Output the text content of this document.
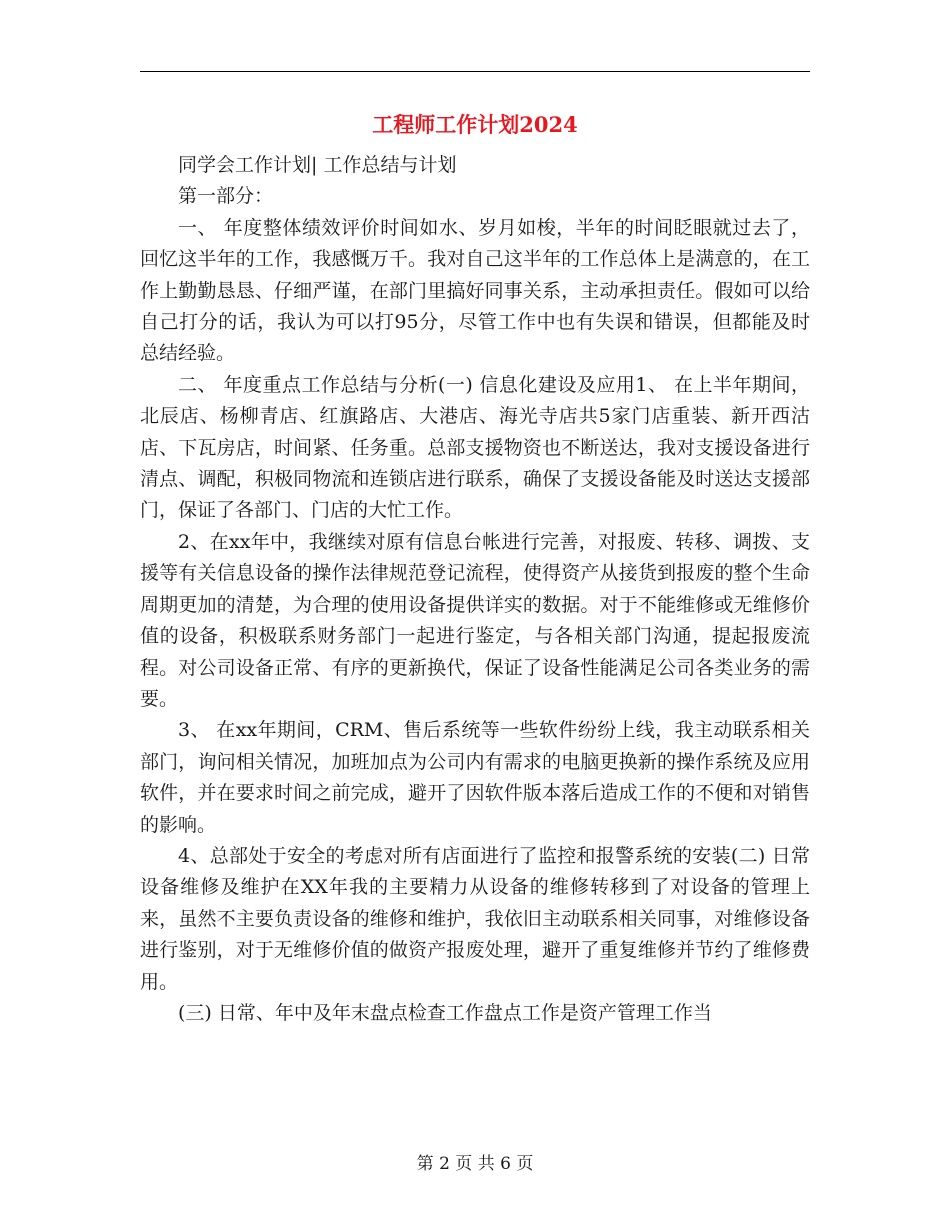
工程师工作计划2024

同学会工作计划| 工作总结与计划

第一部分：

一、 年度整体绩效评价时间如水、岁月如梭，半年的时间眨眼就过去了，回忆这半年的工作，我感慨万千。我对自己这半年的工作总体上是满意的，在工作上勤勤恳恳、仔细严谨，在部门里搞好同事关系，主动承担责任。假如可以给自己打分的话，我认为可以打95分，尽管工作中也有失误和错误，但都能及时总结经验。

二、 年度重点工作总结与分析(一) 信息化建设及应用1、 在上半年期间，北辰店、杨柳青店、红旗路店、大港店、海光寺店共5家门店重装、新开西沽店、下瓦房店，时间紧、任务重。总部支援物资也不断送达，我对支援设备进行清点、调配，积极同物流和连锁店进行联系，确保了支援设备能及时送达支援部门，保证了各部门、门店的大忙工作。

2、在xx年中，我继续对原有信息台帐进行完善，对报废、转移、调拨、支援等有关信息设备的操作法律规范登记流程，使得资产从接货到报废的整个生命周期更加的清楚，为合理的使用设备提供详实的数据。对于不能维修或无维修价值的设备，积极联系财务部门一起进行鉴定，与各相关部门沟通，提起报废流程。对公司设备正常、有序的更新换代，保证了设备性能满足公司各类业务的需要。

3、 在xx年期间，CRM、售后系统等一些软件纷纷上线，我主动联系相关部门，询问相关情况，加班加点为公司内有需求的电脑更换新的操作系统及应用软件，并在要求时间之前完成，避开了因软件版本落后造成工作的不便和对销售的影响。

4、总部处于安全的考虑对所有店面进行了监控和报警系统的安装(二) 日常设备维修及维护在XX年我的主要精力从设备的维修转移到了对设备的管理上来，虽然不主要负责设备的维修和维护，我依旧主动联系相关同事，对维修设备进行鉴别，对于无维修价值的做资产报废处理，避开了重复维修并节约了维修费用。

(三) 日常、年中及年末盘点检查工作盘点工作是资产管理工作当

第 2 页 共 6 页
